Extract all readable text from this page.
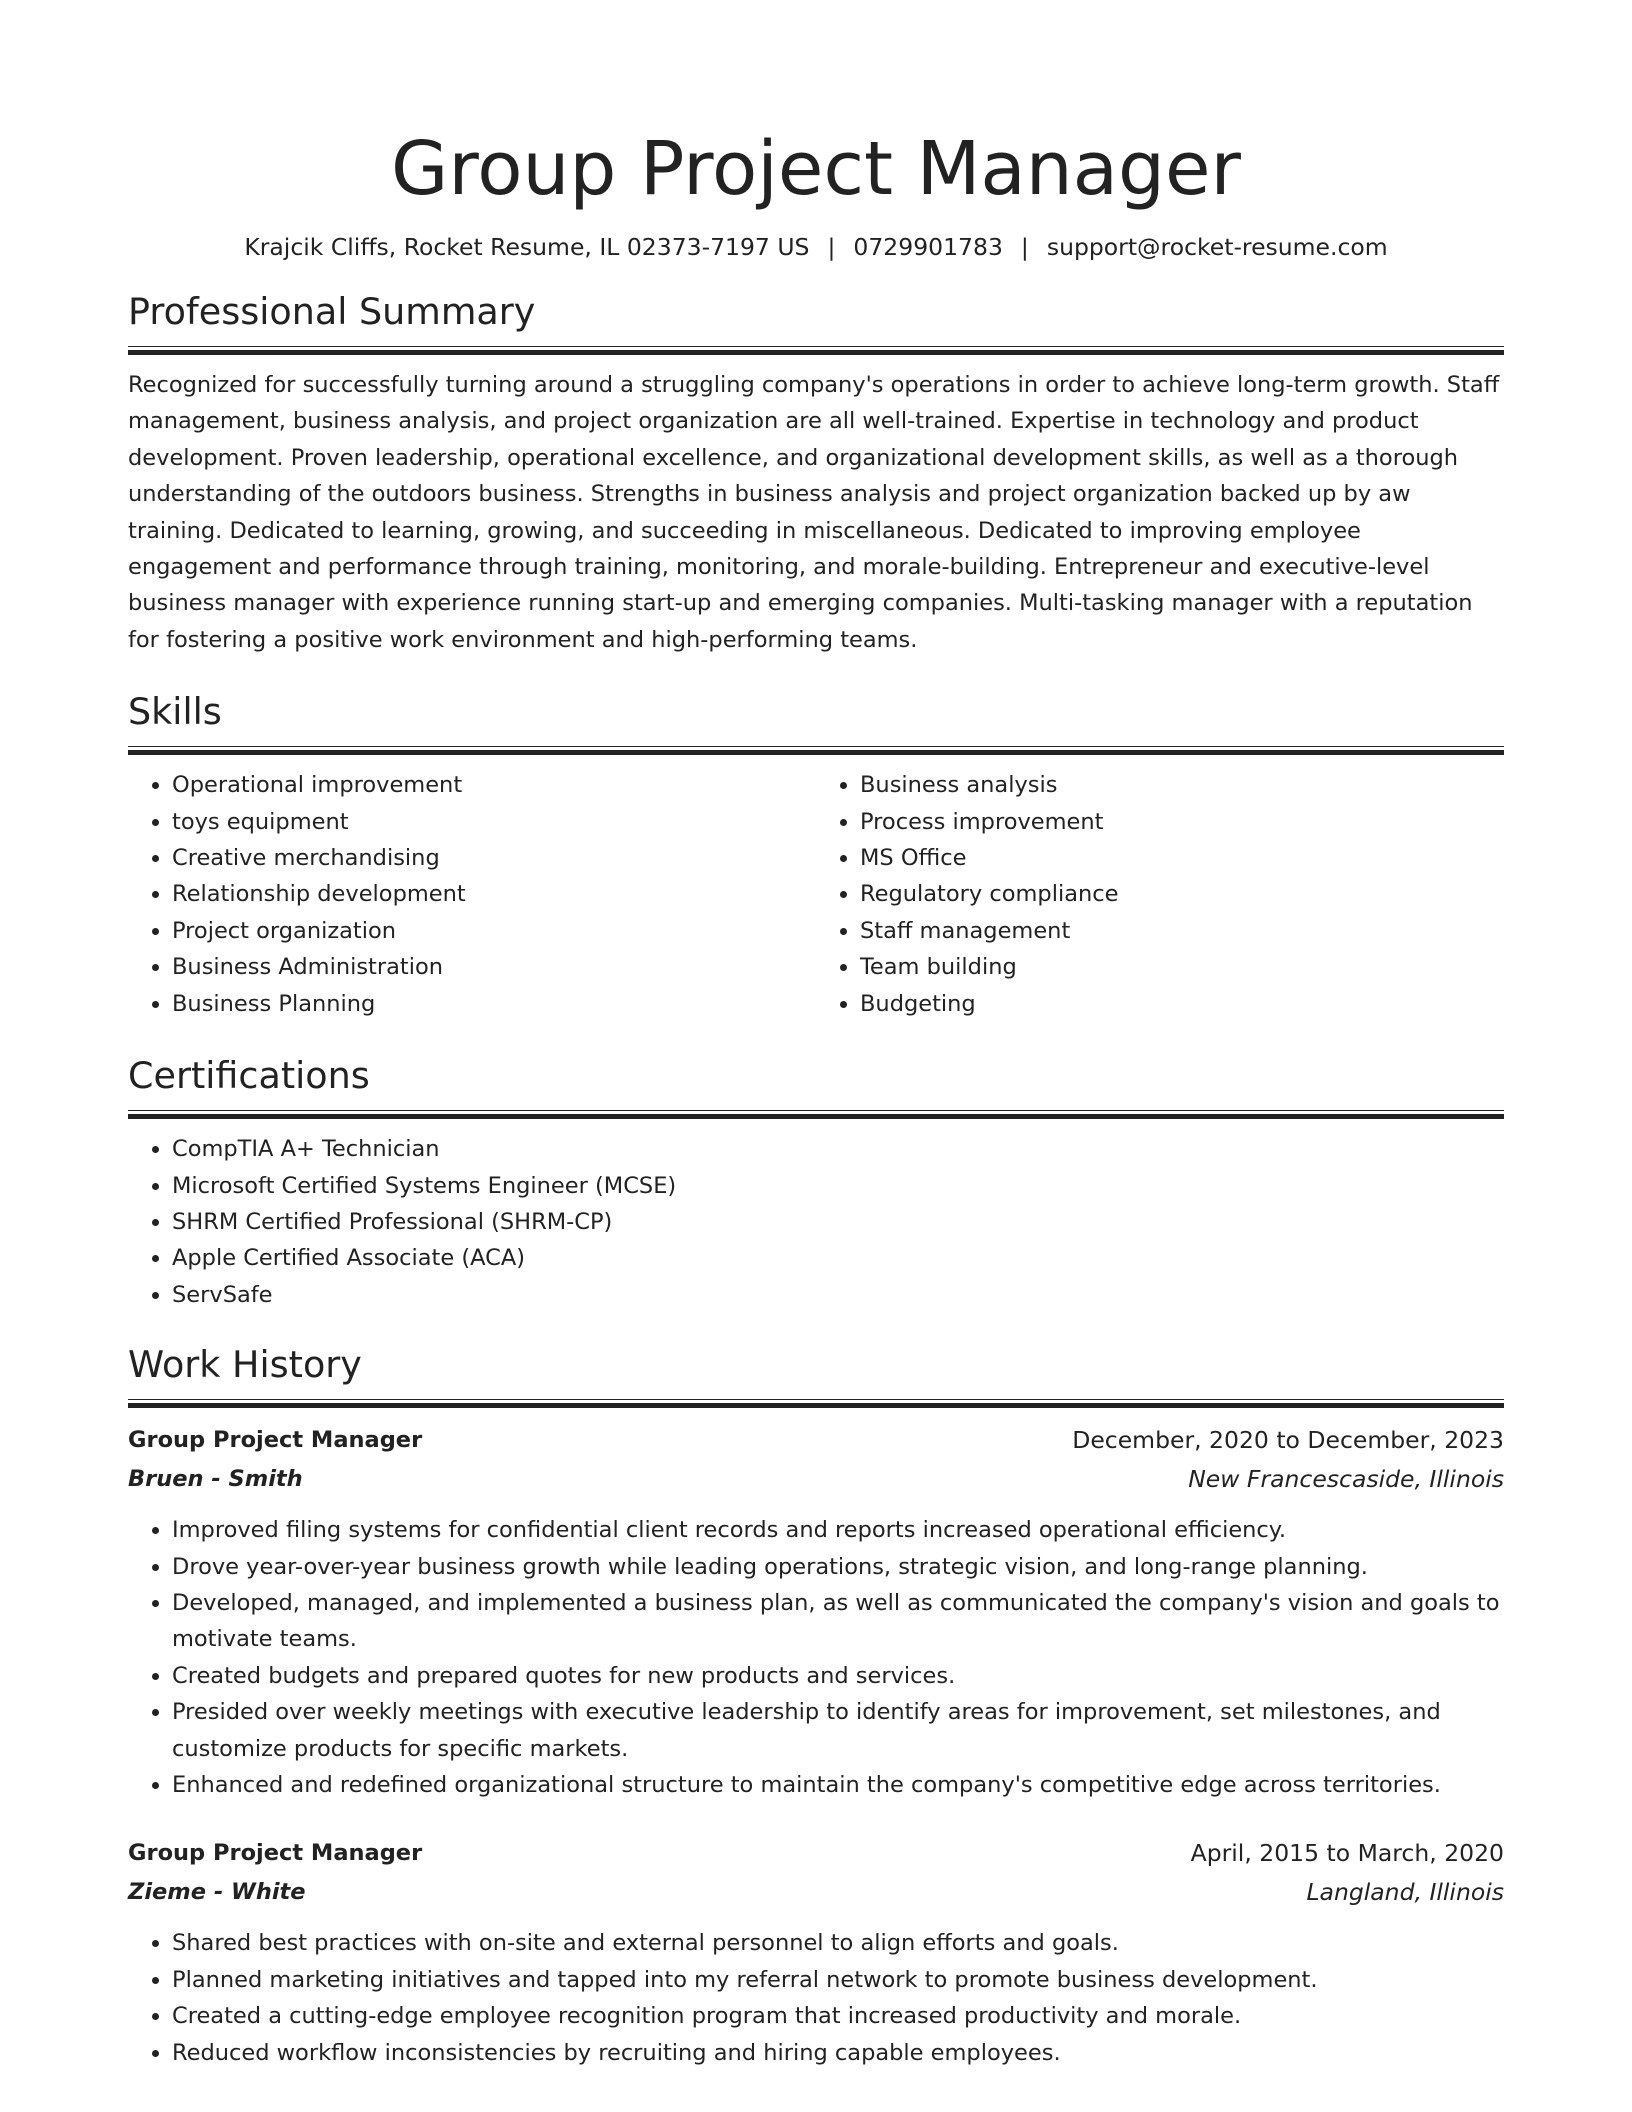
Group Project Manager
Krajcik Cliffs, Rocket Resume, IL 02373-7197 US | 0729901783 | support@rocket-resume.com
Professional Summary
Recognized for successfully turning around a struggling company's operations in order to achieve long-term growth. Staff management, business analysis, and project organization are all well-trained. Expertise in technology and product development. Proven leadership, operational excellence, and organizational development skills, as well as a thorough understanding of the outdoors business. Strengths in business analysis and project organization backed up by aw training. Dedicated to learning, growing, and succeeding in miscellaneous. Dedicated to improving employee engagement and performance through training, monitoring, and morale-building. Entrepreneur and executive-level business manager with experience running start-up and emerging companies. Multi-tasking manager with a reputation for fostering a positive work environment and high-performing teams.
Skills
• Operational improvement
• toys equipment
• Creative merchandising
• Relationship development
• Project organization
• Business Administration
• Business Planning
• Business analysis
• Process improvement
• MS Office
• Regulatory compliance
• Staff management
• Team building
• Budgeting
Certifications
• CompTIA A+ Technician
• Microsoft Certified Systems Engineer (MCSE)
• SHRM Certified Professional (SHRM-CP)
• Apple Certified Associate (ACA)
• ServSafe
Work History
Group Project Manager	December, 2020 to December, 2023
Bruen - Smith	New Francescaside, Illinois
• Improved filing systems for confidential client records and reports increased operational efficiency.
• Drove year-over-year business growth while leading operations, strategic vision, and long-range planning.
• Developed, managed, and implemented a business plan, as well as communicated the company's vision and goals to motivate teams.
• Created budgets and prepared quotes for new products and services.
• Presided over weekly meetings with executive leadership to identify areas for improvement, set milestones, and customize products for specific markets.
• Enhanced and redefined organizational structure to maintain the company's competitive edge across territories.
Group Project Manager	April, 2015 to March, 2020
Zieme - White	Langland, Illinois
• Shared best practices with on-site and external personnel to align efforts and goals.
• Planned marketing initiatives and tapped into my referral network to promote business development.
• Created a cutting-edge employee recognition program that increased productivity and morale.
• Reduced workflow inconsistencies by recruiting and hiring capable employees.
